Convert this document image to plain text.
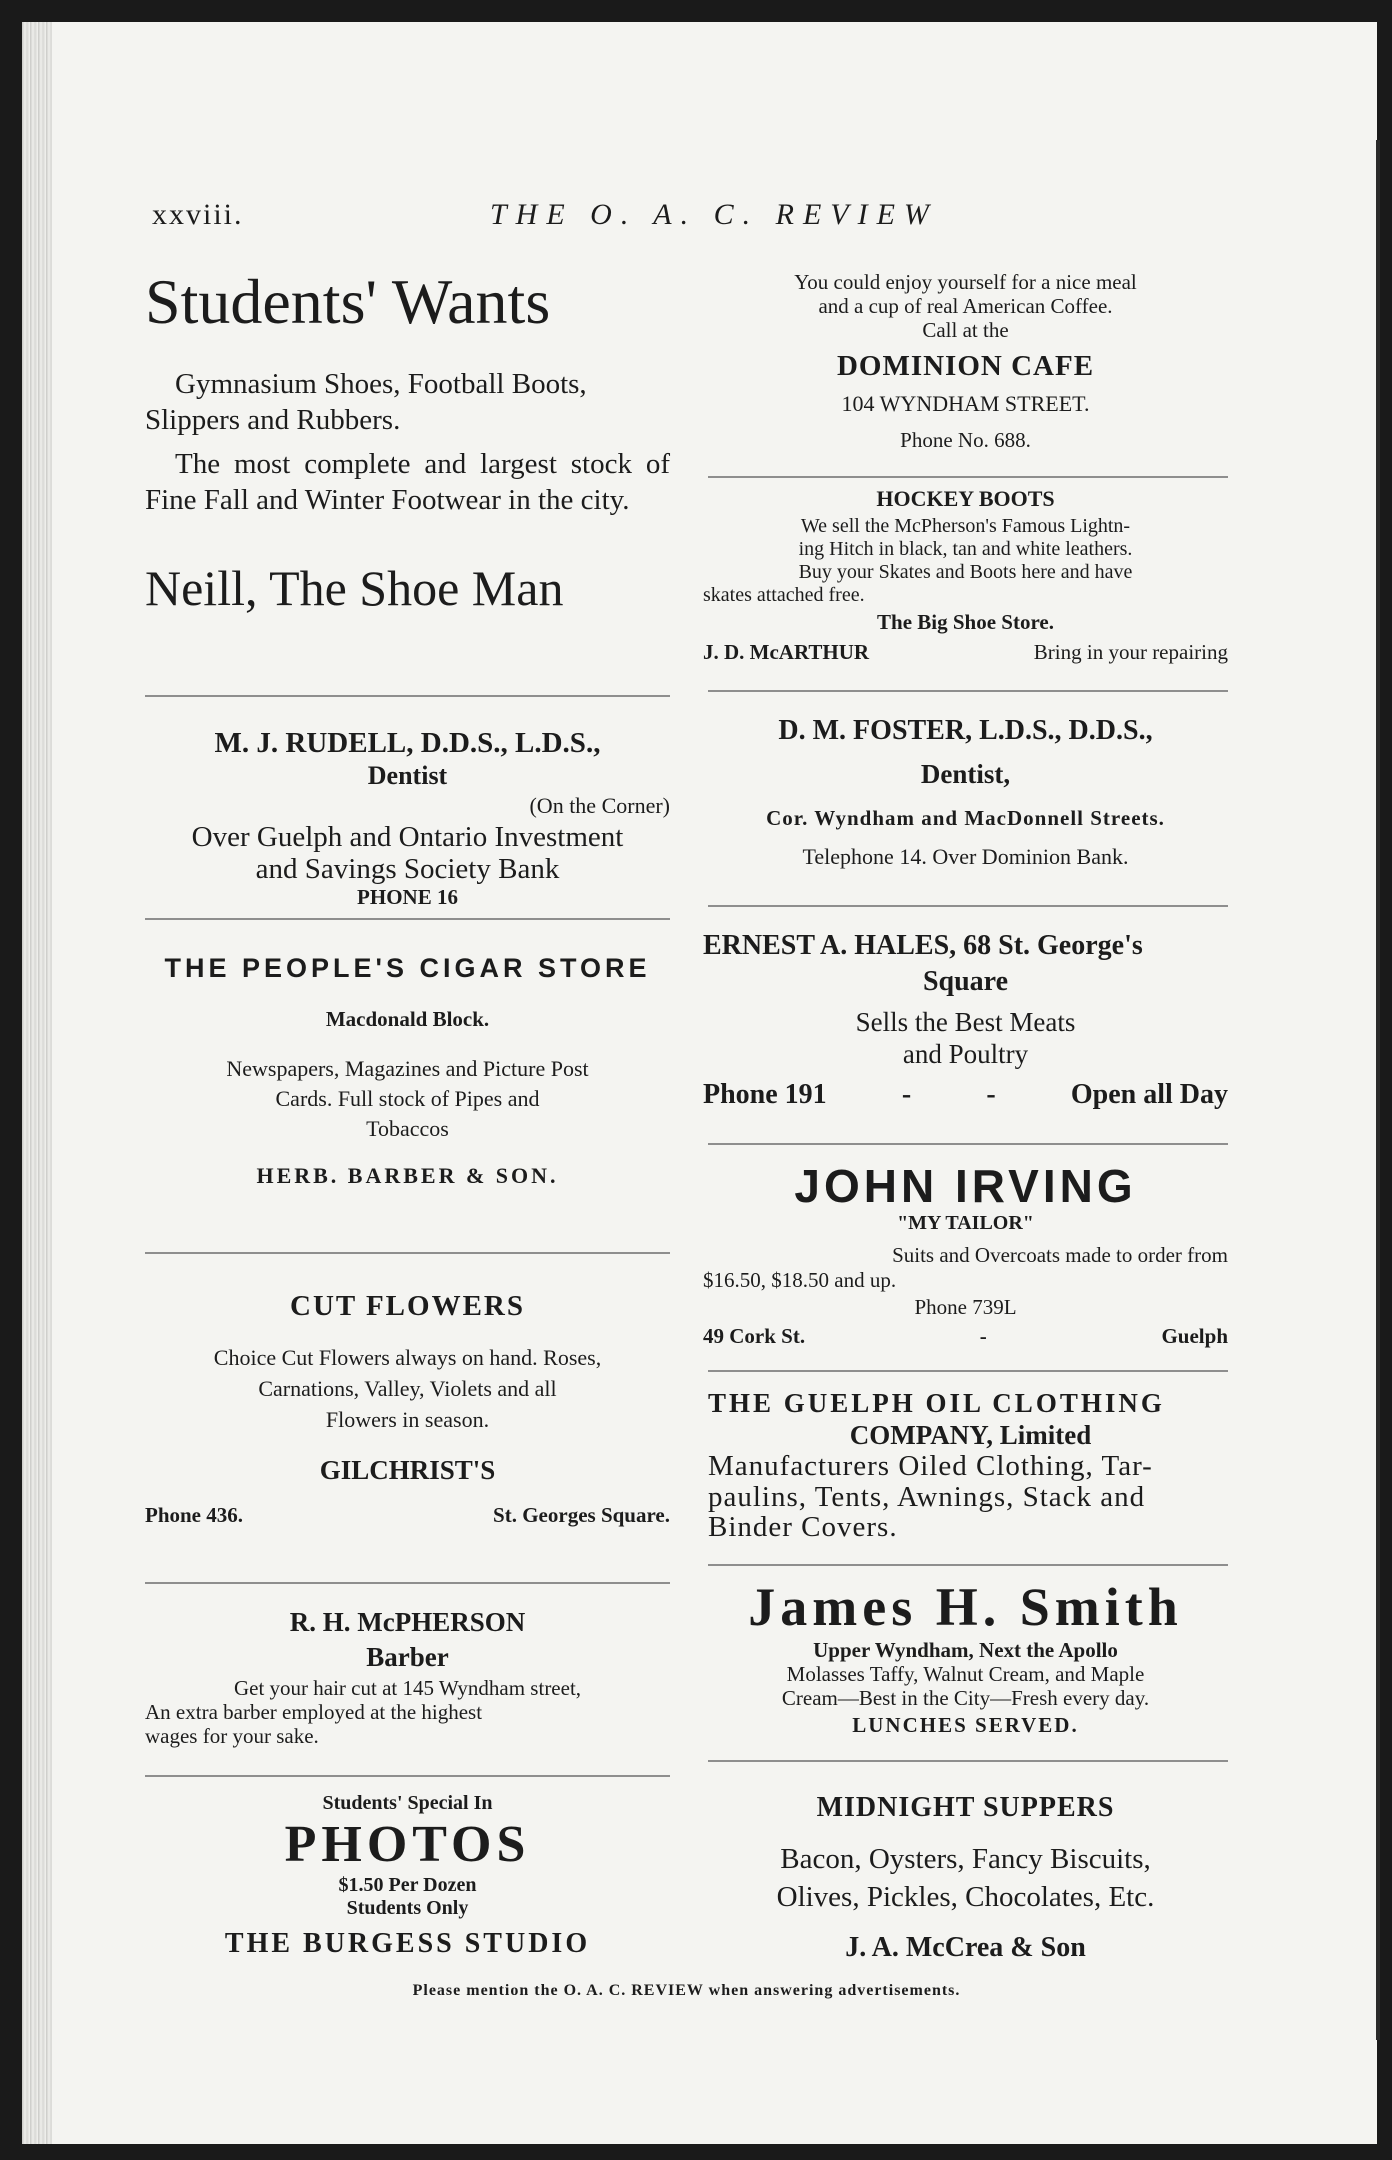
xxviii.	THE O. A. C. REVIEW
Students' Wants
Gymnasium Shoes, Football Boots, Slippers and Rubbers.
The most complete and largest stock of Fine Fall and Winter Footwear in the city.
Neill, The Shoe Man
M. J. RUDELL, D.D.S., L.D.S.,
Dentist
(On the Corner)
Over Guelph and Ontario Investment
and Savings Society Bank
PHONE 16
THE PEOPLE'S CIGAR STORE
Macdonald Block.
Newspapers, Magazines and Picture Post
Cards. Full stock of Pipes and
Tobaccos
HERB. BARBER & SON.
CUT FLOWERS
Choice Cut Flowers always on hand. Roses,
Carnations, Valley, Violets and all
Flowers in season.
GILCHRIST'S
Phone 436.	St. Georges Square.
R. H. McPHERSON
Barber
Get your hair cut at 145 Wyndham street,
An extra barber employed at the highest
wages for your sake.
Students' Special In
PHOTOS
$1.50 Per Dozen
Students Only
THE BURGESS STUDIO
You could enjoy yourself for a nice meal
and a cup of real American Coffee.
Call at the
DOMINION CAFE
104 WYNDHAM STREET.
Phone No. 688.
HOCKEY BOOTS
We sell the McPherson's Famous Lightn-
ing Hitch in black, tan and white leathers.
Buy your Skates and Boots here and have
skates attached free.
The Big Shoe Store.
J. D. McARTHUR	Bring in your repairing
D. M. FOSTER, L.D.S., D.D.S.,
Dentist,
Cor. Wyndham and MacDonnell Streets.
Telephone 14. Over Dominion Bank.
ERNEST A. HALES, 68 St. George's
Square
Sells the Best Meats
and Poultry
Phone 191	-	-	Open all Day
JOHN IRVING
"MY TAILOR"
Suits and Overcoats made to order from
$16.50, $18.50 and up.
Phone 739L
49 Cork St.	-	Guelph
THE GUELPH OIL CLOTHING
COMPANY, Limited
Manufacturers Oiled Clothing, Tar-
paulins, Tents, Awnings, Stack and
Binder Covers.
James H. Smith
Upper Wyndham, Next the Apollo
Molasses Taffy, Walnut Cream, and Maple
Cream—Best in the City—Fresh every day.
LUNCHES SERVED.
MIDNIGHT SUPPERS
Bacon, Oysters, Fancy Biscuits,
Olives, Pickles, Chocolates, Etc.
J. A. McCrea & Son
Please mention the O. A. C. REVIEW when answering advertisements.
